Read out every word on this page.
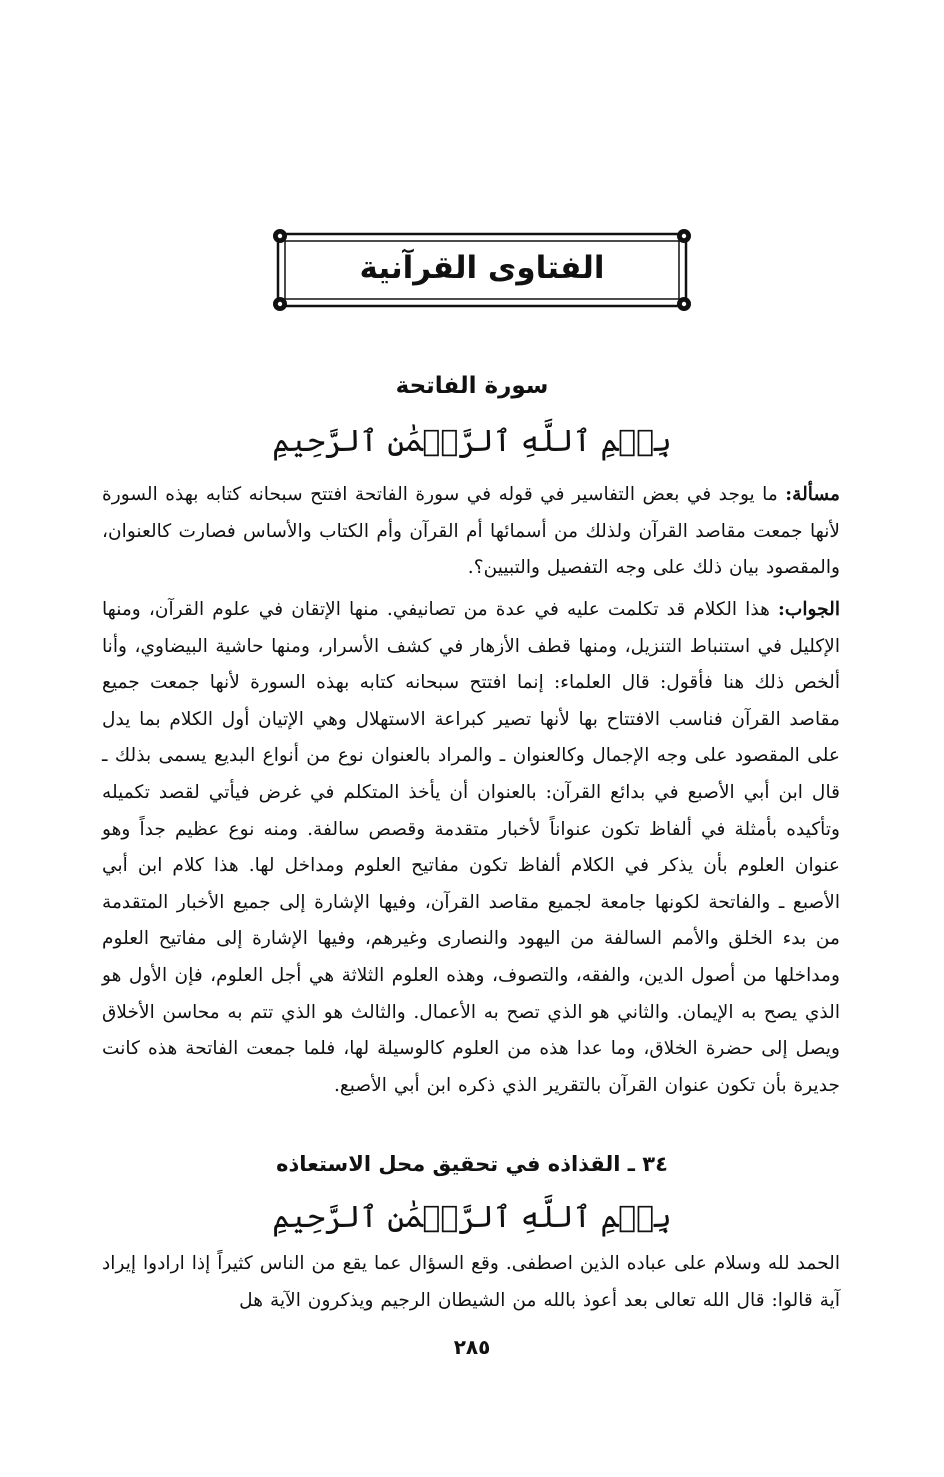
الفتاوى القرآنية
سورة الفاتحة
بِسۡمِ ٱللَّهِ ٱلرَّحۡمَٰنِ ٱلرَّحِيمِ
مسألة: ما يوجد في بعض التفاسير في قوله في سورة الفاتحة افتتح سبحانه كتابه بهذه السورة لأنها جمعت مقاصد القرآن ولذلك من أسمائها أم القرآن وأم الكتاب والأساس فصارت كالعنوان، والمقصود بيان ذلك على وجه التفصيل والتبيين؟.
الجواب: هذا الكلام قد تكلمت عليه في عدة من تصانيفي. منها الإتقان في علوم القرآن، ومنها الإكليل في استنباط التنزيل، ومنها قطف الأزهار في كشف الأسرار، ومنها حاشية البيضاوي، وأنا ألخص ذلك هنا فأقول: قال العلماء: إنما افتتح سبحانه كتابه بهذه السورة لأنها جمعت جميع مقاصد القرآن فناسب الافتتاح بها لأنها تصير كبراعة الاستهلال وهي الإتيان أول الكلام بما يدل على المقصود على وجه الإجمال وكالعنوان ـ والمراد بالعنوان نوع من أنواع البديع يسمى بذلك ـ قال ابن أبي الأصبع في بدائع القرآن: بالعنوان أن يأخذ المتكلم في غرض فيأتي لقصد تكميله وتأكيده بأمثلة في ألفاظ تكون عنواناً لأخبار متقدمة وقصص سالفة. ومنه نوع عظيم جداً وهو عنوان العلوم بأن يذكر في الكلام ألفاظ تكون مفاتيح العلوم ومداخل لها. هذا كلام ابن أبي الأصبع ـ والفاتحة لكونها جامعة لجميع مقاصد القرآن، وفيها الإشارة إلى جميع الأخبار المتقدمة من بدء الخلق والأمم السالفة من اليهود والنصارى وغيرهم، وفيها الإشارة إلى مفاتيح العلوم ومداخلها من أصول الدين، والفقه، والتصوف، وهذه العلوم الثلاثة هي أجل العلوم، فإن الأول هو الذي يصح به الإيمان. والثاني هو الذي تصح به الأعمال. والثالث هو الذي تتم به محاسن الأخلاق ويصل إلى حضرة الخلاق، وما عدا هذه من العلوم كالوسيلة لها، فلما جمعت الفاتحة هذه كانت جديرة بأن تكون عنوان القرآن بالتقرير الذي ذكره ابن أبي الأصبع.
٣٤ ـ القذاذه في تحقيق محل الاستعاذه
بِسۡمِ ٱللَّهِ ٱلرَّحۡمَٰنِ ٱلرَّحِيمِ
الحمد لله وسلام على عباده الذين اصطفى. وقع السؤال عما يقع من الناس كثيراً إذا ارادوا إيراد آية قالوا: قال الله تعالى بعد أعوذ بالله من الشيطان الرجيم ويذكرون الآية هل
٢٨٥
